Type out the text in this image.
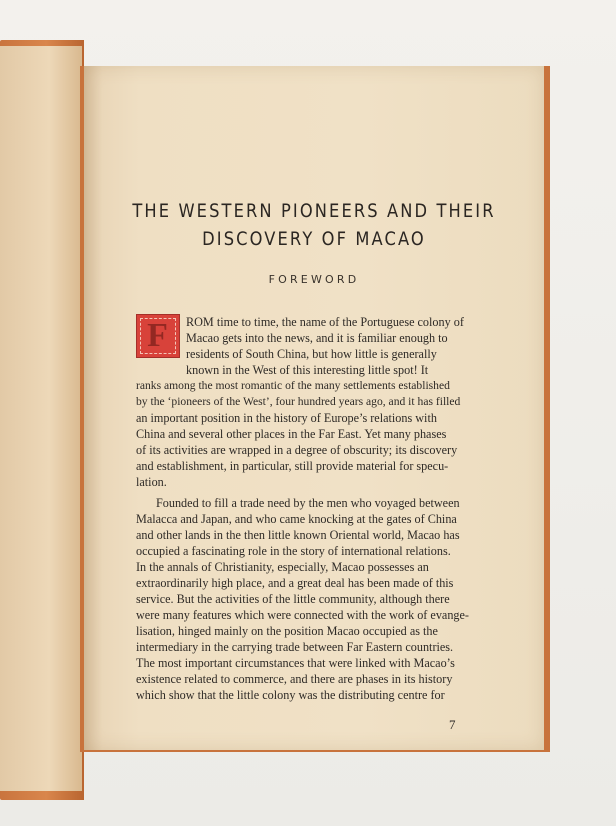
THE WESTERN PIONEERS AND THEIR
DISCOVERY OF MACAO
FOREWORD
F	ROM time to time, the name of the Portuguese colony of
Macao gets into the news, and it is familiar enough to
residents of South China, but how little is generally
known in the West of this interesting little spot! It
ranks among the most romantic of the many settlements established
by the ‘pioneers of the West’, four hundred years ago, and it has filled
an important position in the history of Europe’s relations with
China and several other places in the Far East. Yet many phases
of its activities are wrapped in a degree of obscurity; its discovery
and establishment, in particular, still provide material for specu-
lation.
Founded to fill a trade need by the men who voyaged between
Malacca and Japan, and who came knocking at the gates of China
and other lands in the then little known Oriental world, Macao has
occupied a fascinating role in the story of international relations.
In the annals of Christianity, especially, Macao possesses an
extraordinarily high place, and a great deal has been made of this
service. But the activities of the little community, although there
were many features which were connected with the work of evange-
lisation, hinged mainly on the position Macao occupied as the
intermediary in the carrying trade between Far Eastern countries.
The most important circumstances that were linked with Macao’s
existence related to commerce, and there are phases in its history
which show that the little colony was the distributing centre for
7
